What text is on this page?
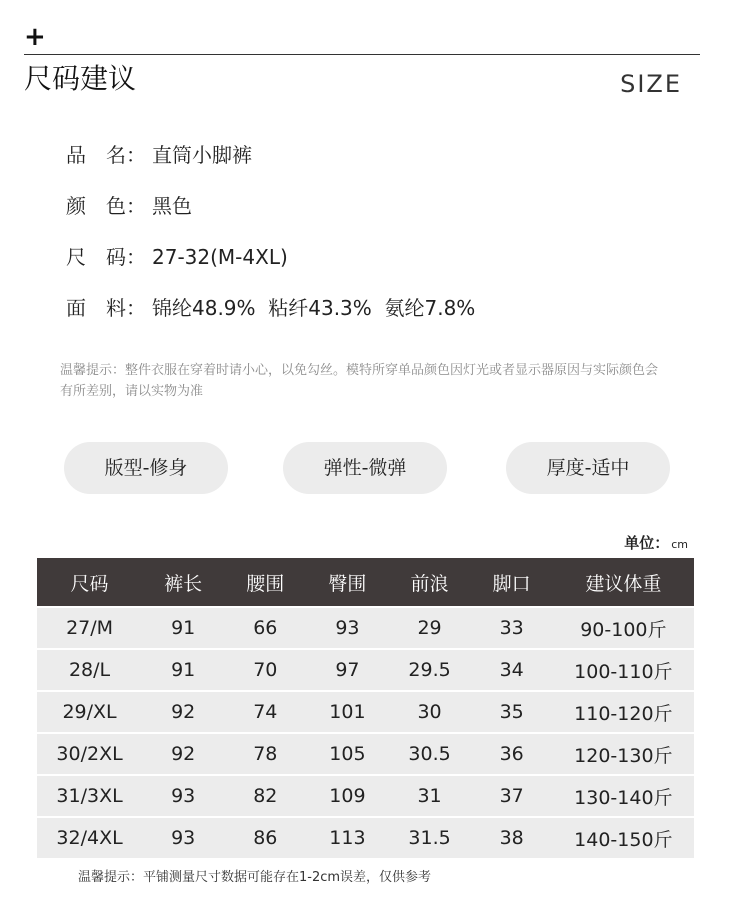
+
尺码建议	SIZE
品　名： 直筒小脚裤
颜　色： 黑色
尺　码： 27-32(M-4XL)
面　料： 锦纶48.9%  粘纤43.3%  氨纶7.8%
温馨提示：整件衣服在穿着时请小心，以免勾丝。模特所穿单品颜色因灯光或者显示器原因与实际颜色会有所差别，请以实物为准
版型-修身	弹性-微弹	厚度-适中
单位： cm
尺码	裤长	腰围	臀围	前浪	脚口	建议体重
27/M	91	66	93	29	33	90-100斤
28/L	91	70	97	29.5	34	100-110斤
29/XL	92	74	101	30	35	110-120斤
30/2XL	92	78	105	30.5	36	120-130斤
31/3XL	93	82	109	31	37	130-140斤
32/4XL	93	86	113	31.5	38	140-150斤
温馨提示：平铺测量尺寸数据可能存在1-2cm误差，仅供参考
